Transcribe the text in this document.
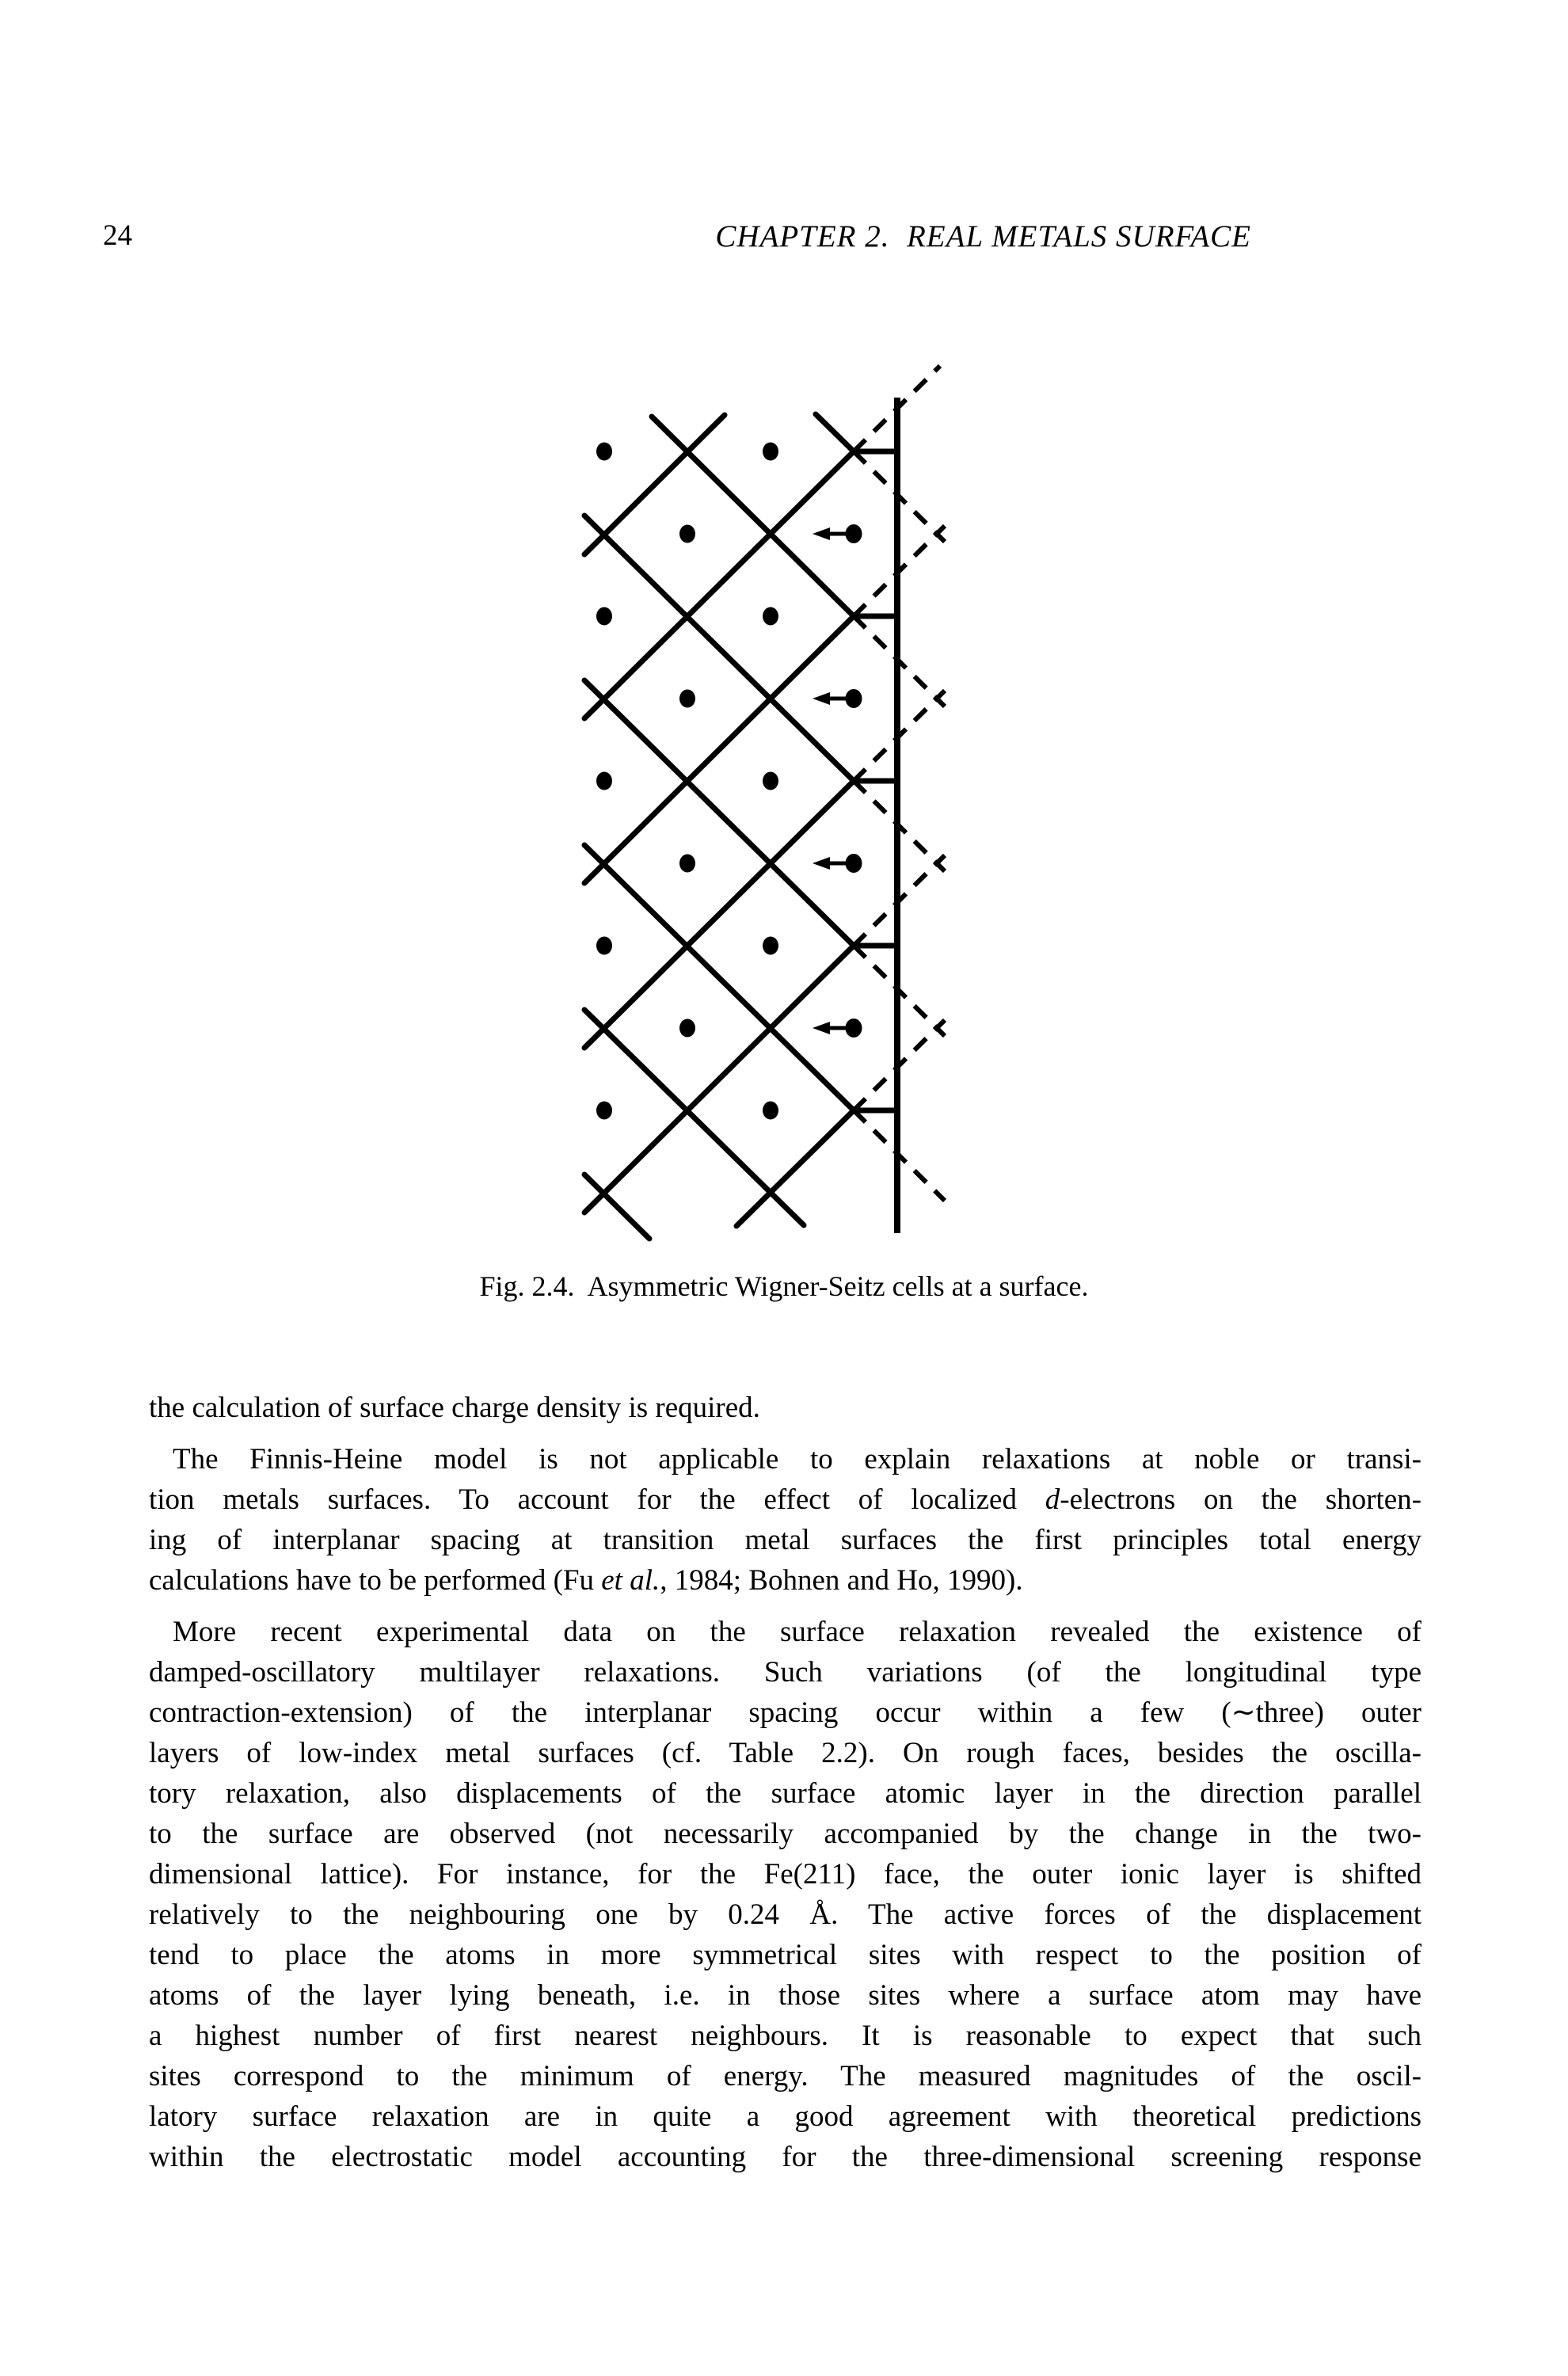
24	CHAPTER 2.  REAL METALS SURFACE
Fig. 2.4.  Asymmetric Wigner-Seitz cells at a surface.
the calculation of surface charge density is required.
The Finnis-Heine model is not applicable to explain relaxations at noble or transi-
tion metals surfaces. To account for the effect of localized d-electrons on the shorten-
ing of interplanar spacing at transition metal surfaces the first principles total energy
calculations have to be performed (Fu et al., 1984; Bohnen and Ho, 1990).
More recent experimental data on the surface relaxation revealed the existence of
damped-oscillatory multilayer relaxations. Such variations (of the longitudinal type
contraction-extension) of the interplanar spacing occur within a few (∼three) outer
layers of low-index metal surfaces (cf. Table 2.2). On rough faces, besides the oscilla-
tory relaxation, also displacements of the surface atomic layer in the direction parallel
to the surface are observed (not necessarily accompanied by the change in the two-
dimensional lattice). For instance, for the Fe(211) face, the outer ionic layer is shifted
relatively to the neighbouring one by 0.24 Å. The active forces of the displacement
tend to place the atoms in more symmetrical sites with respect to the position of
atoms of the layer lying beneath, i.e. in those sites where a surface atom may have
a highest number of first nearest neighbours. It is reasonable to expect that such
sites correspond to the minimum of energy. The measured magnitudes of the oscil-
latory surface relaxation are in quite a good agreement with theoretical predictions
within the electrostatic model accounting for the three-dimensional screening response
